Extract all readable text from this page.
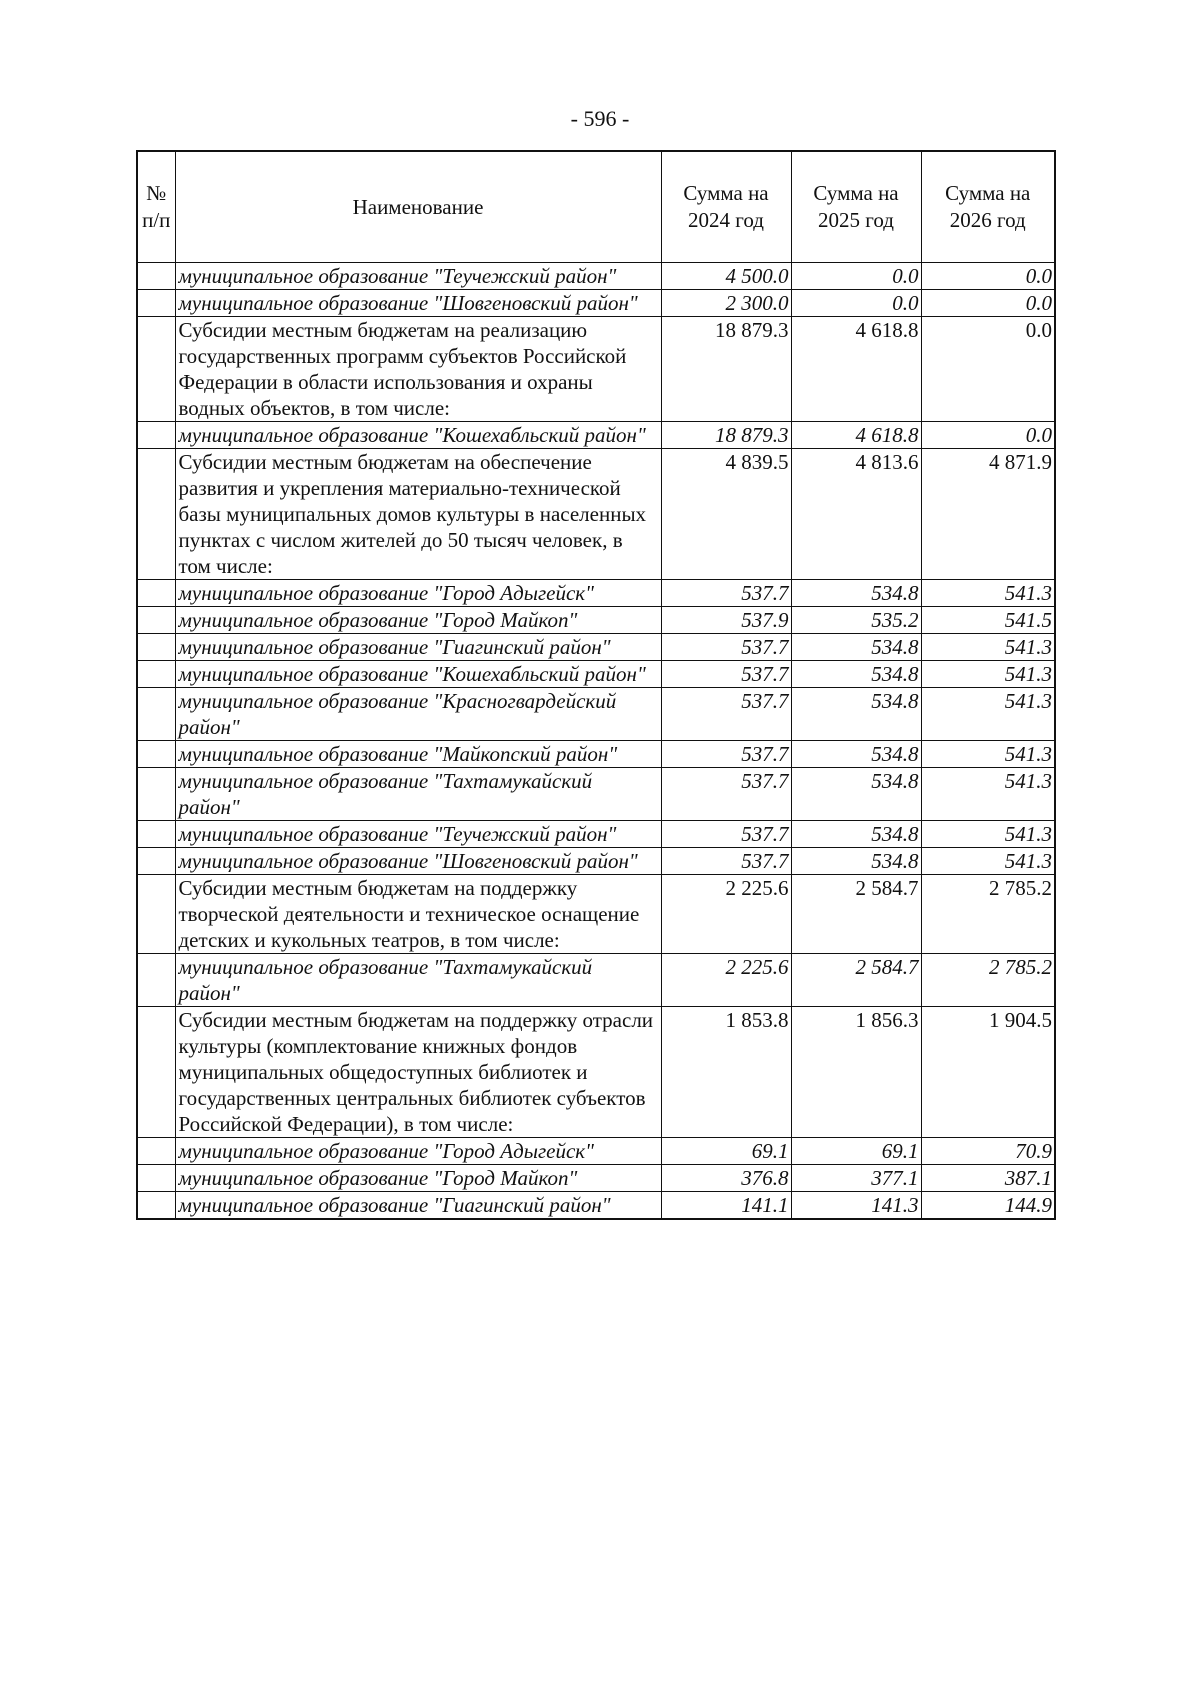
- 596 -
№ п/п	Наименование	Сумма на 2024 год	Сумма на 2025 год	Сумма на 2026 год
	муниципальное образование "Теучежский район"	4 500.0	0.0	0.0
	муниципальное образование "Шовгеновский район"	2 300.0	0.0	0.0
	Субсидии местным бюджетам на реализацию государственных программ субъектов Российской Федерации в области использования и охраны водных объектов, в том числе:	18 879.3	4 618.8	0.0
	муниципальное образование "Кошехабльский район"	18 879.3	4 618.8	0.0
	Субсидии местным бюджетам на обеспечение развития и укрепления материально-технической базы муниципальных домов культуры в населенных пунктах с числом жителей до 50 тысяч человек, в том числе:	4 839.5	4 813.6	4 871.9
	муниципальное образование "Город Адыгейск"	537.7	534.8	541.3
	муниципальное образование "Город Майкоп"	537.9	535.2	541.5
	муниципальное образование "Гиагинский район"	537.7	534.8	541.3
	муниципальное образование "Кошехабльский район"	537.7	534.8	541.3
	муниципальное образование "Красногвардейский район"	537.7	534.8	541.3
	муниципальное образование "Майкопский район"	537.7	534.8	541.3
	муниципальное образование "Тахтамукайский район"	537.7	534.8	541.3
	муниципальное образование "Теучежский район"	537.7	534.8	541.3
	муниципальное образование "Шовгеновский район"	537.7	534.8	541.3
	Субсидии местным бюджетам на поддержку творческой деятельности и техническое оснащение детских и кукольных театров, в том числе:	2 225.6	2 584.7	2 785.2
	муниципальное образование "Тахтамукайский район"	2 225.6	2 584.7	2 785.2
	Субсидии местным бюджетам на поддержку отрасли культуры (комплектование книжных фондов муниципальных общедоступных библиотек и государственных центральных библиотек субъектов Российской Федерации), в том числе:	1 853.8	1 856.3	1 904.5
	муниципальное образование "Город Адыгейск"	69.1	69.1	70.9
	муниципальное образование "Город Майкоп"	376.8	377.1	387.1
	муниципальное образование "Гиагинский район"	141.1	141.3	144.9
